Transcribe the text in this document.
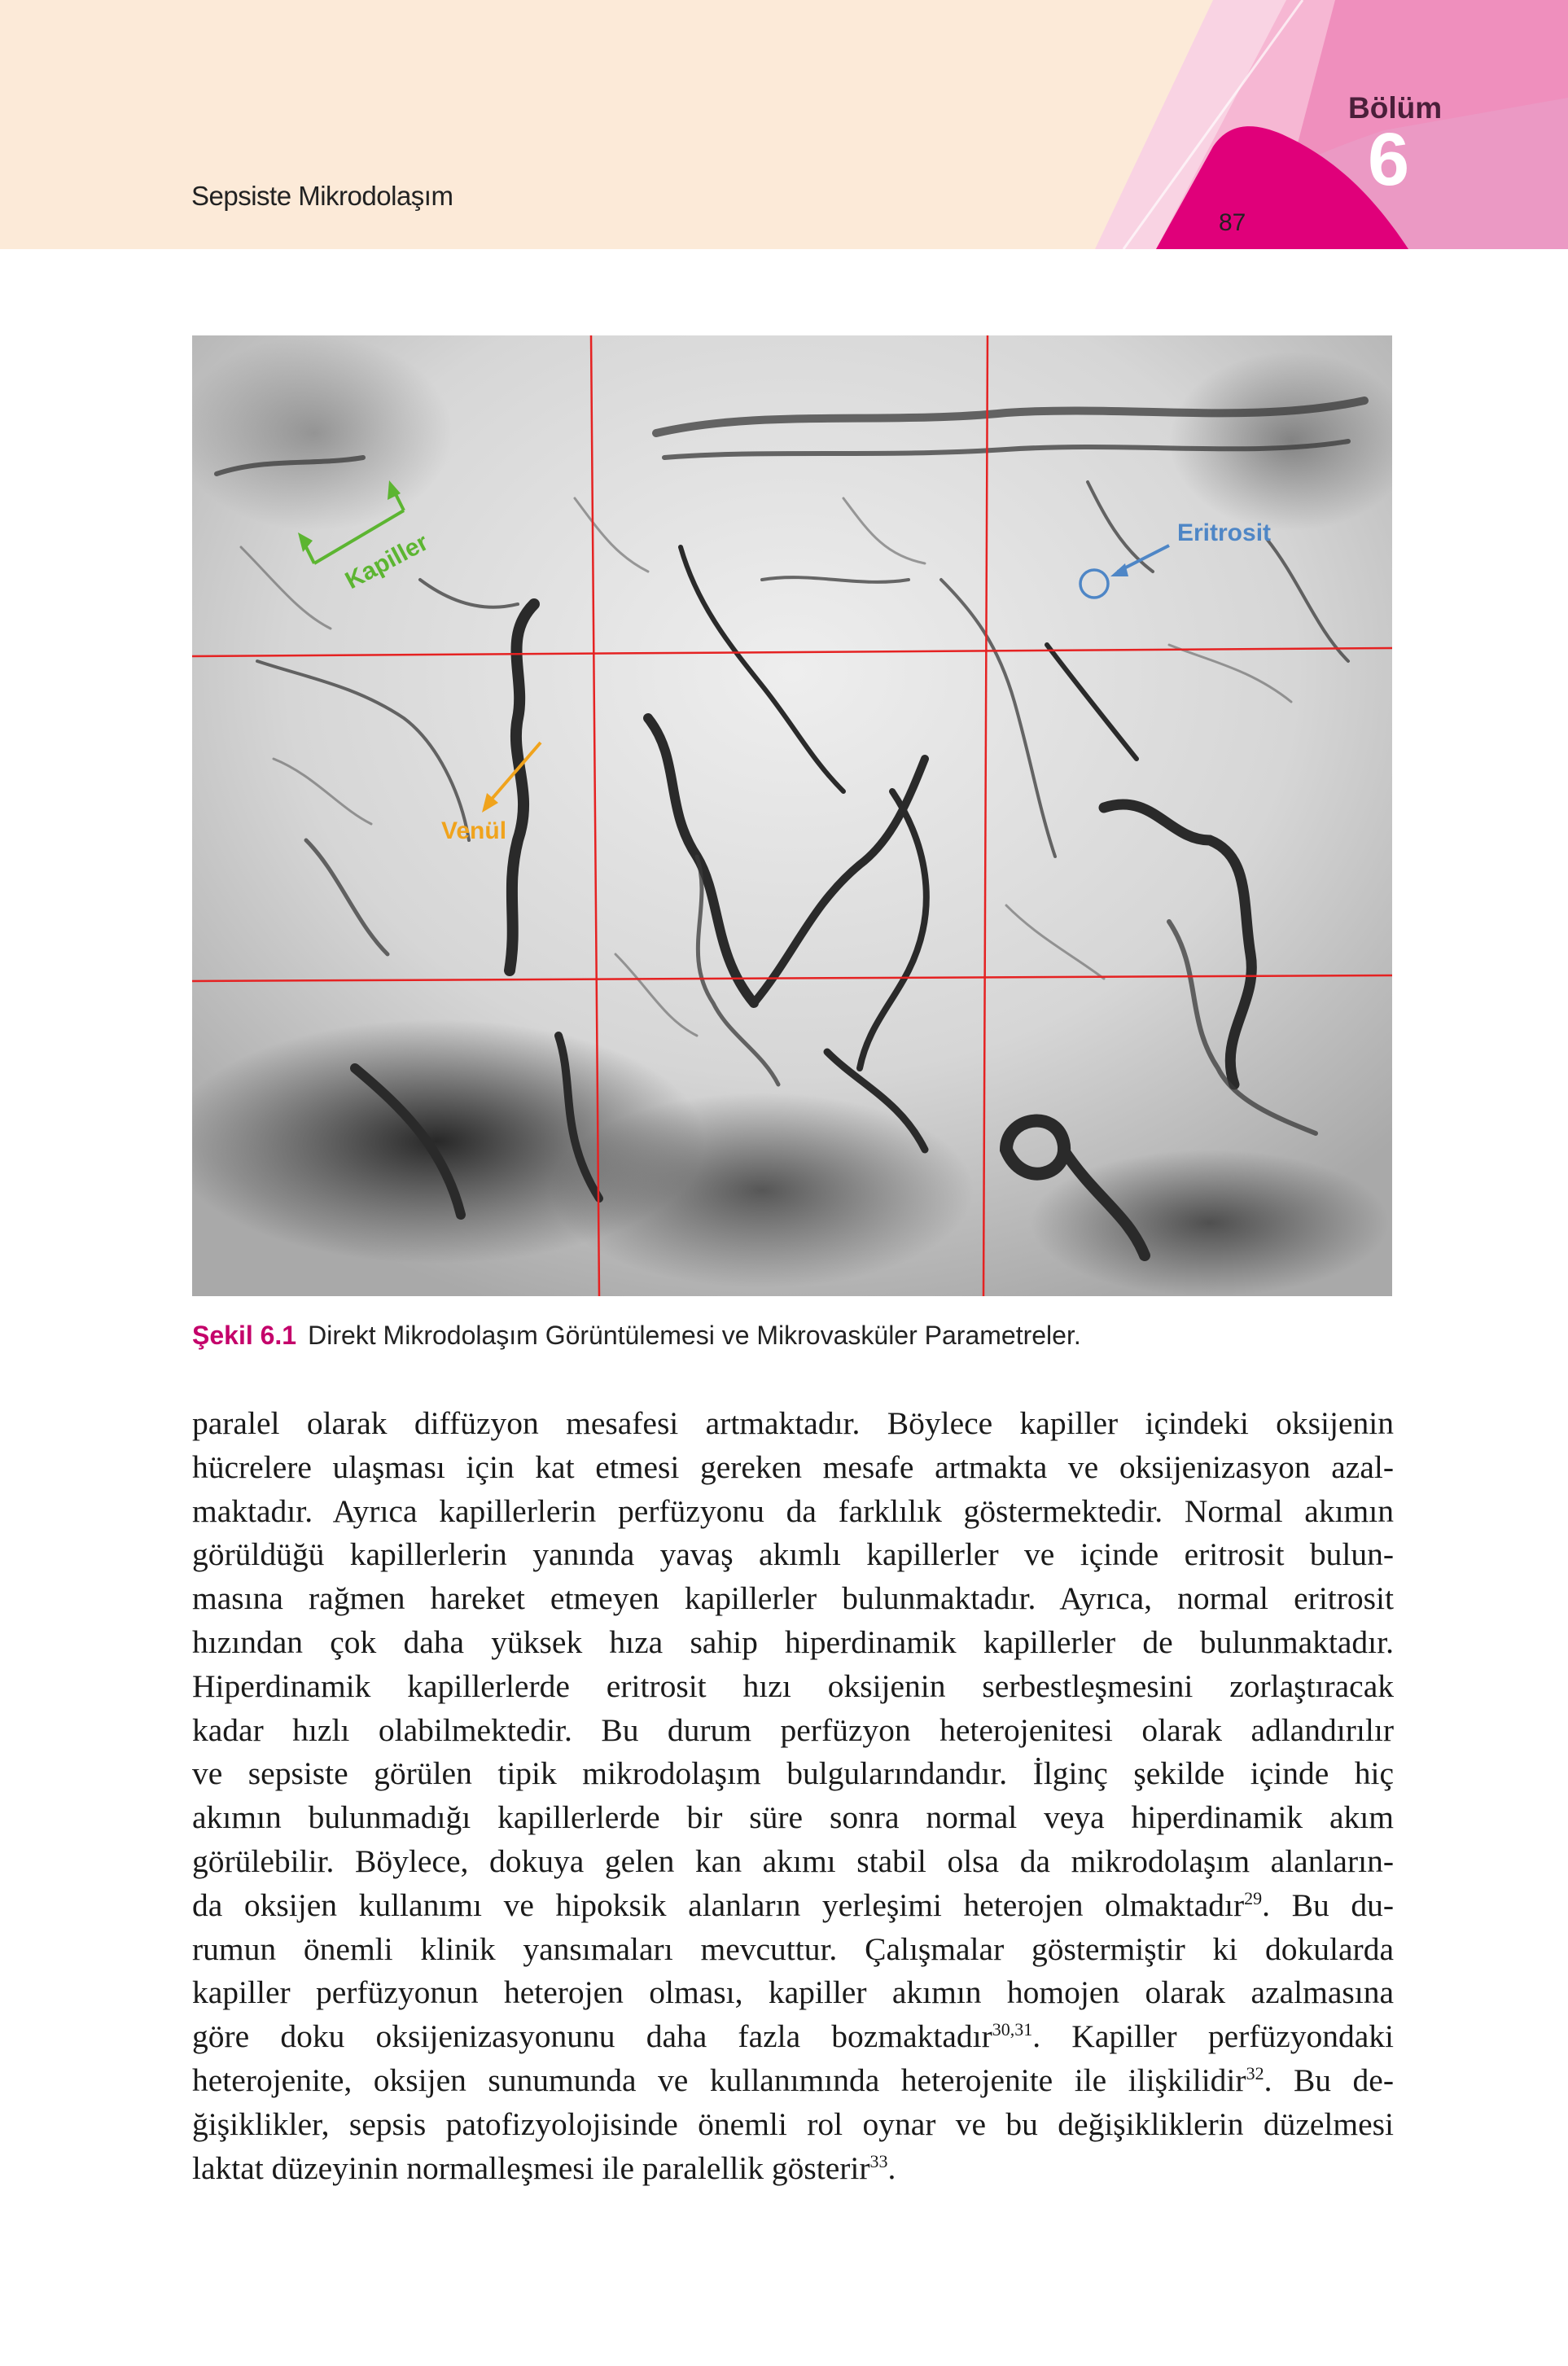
Sepsiste Mikrodolaşım
87
Bölüm
6
Kapiller	Eritrosit
Venül
Şekil 6.1 Direkt Mikrodolaşım Görüntülemesi ve Mikrovasküler Parametreler.
paralel olarak diffüzyon mesafesi artmaktadır. Böylece kapiller içindeki oksijenin
hücrelere ulaşması için kat etmesi gereken mesafe artmakta ve oksijenizasyon azal-
maktadır. Ayrıca kapillerlerin perfüzyonu da farklılık göstermektedir. Normal akımın
görüldüğü kapillerlerin yanında yavaş akımlı kapillerler ve içinde eritrosit bulun-
masına rağmen hareket etmeyen kapillerler bulunmaktadır. Ayrıca, normal eritrosit
hızından çok daha yüksek hıza sahip hiperdinamik kapillerler de bulunmaktadır.
Hiperdinamik kapillerlerde eritrosit hızı oksijenin serbestleşmesini zorlaştıracak
kadar hızlı olabilmektedir. Bu durum perfüzyon heterojenitesi olarak adlandırılır
ve sepsiste görülen tipik mikrodolaşım bulgularındandır. İlginç şekilde içinde hiç
akımın bulunmadığı kapillerlerde bir süre sonra normal veya hiperdinamik akım
görülebilir. Böylece, dokuya gelen kan akımı stabil olsa da mikrodolaşım alanların-
da oksijen kullanımı ve hipoksik alanların yerleşimi heterojen olmaktadır$^{29}$. Bu du-
rumun önemli klinik yansımaları mevcuttur. Çalışmalar göstermiştir ki dokularda
kapiller perfüzyonun heterojen olması, kapiller akımın homojen olarak azalmasına
göre doku oksijenizasyonunu daha fazla bozmaktadır$^{30,31}$. Kapiller perfüzyondaki
heterojenite, oksijen sunumunda ve kullanımında heterojenite ile ilişkilidir$^{32}$. Bu de-
ğişiklikler, sepsis patofizyolojisinde önemli rol oynar ve bu değişikliklerin düzelmesi
laktat düzeyinin normalleşmesi ile paralellik gösterir$^{33}$.
